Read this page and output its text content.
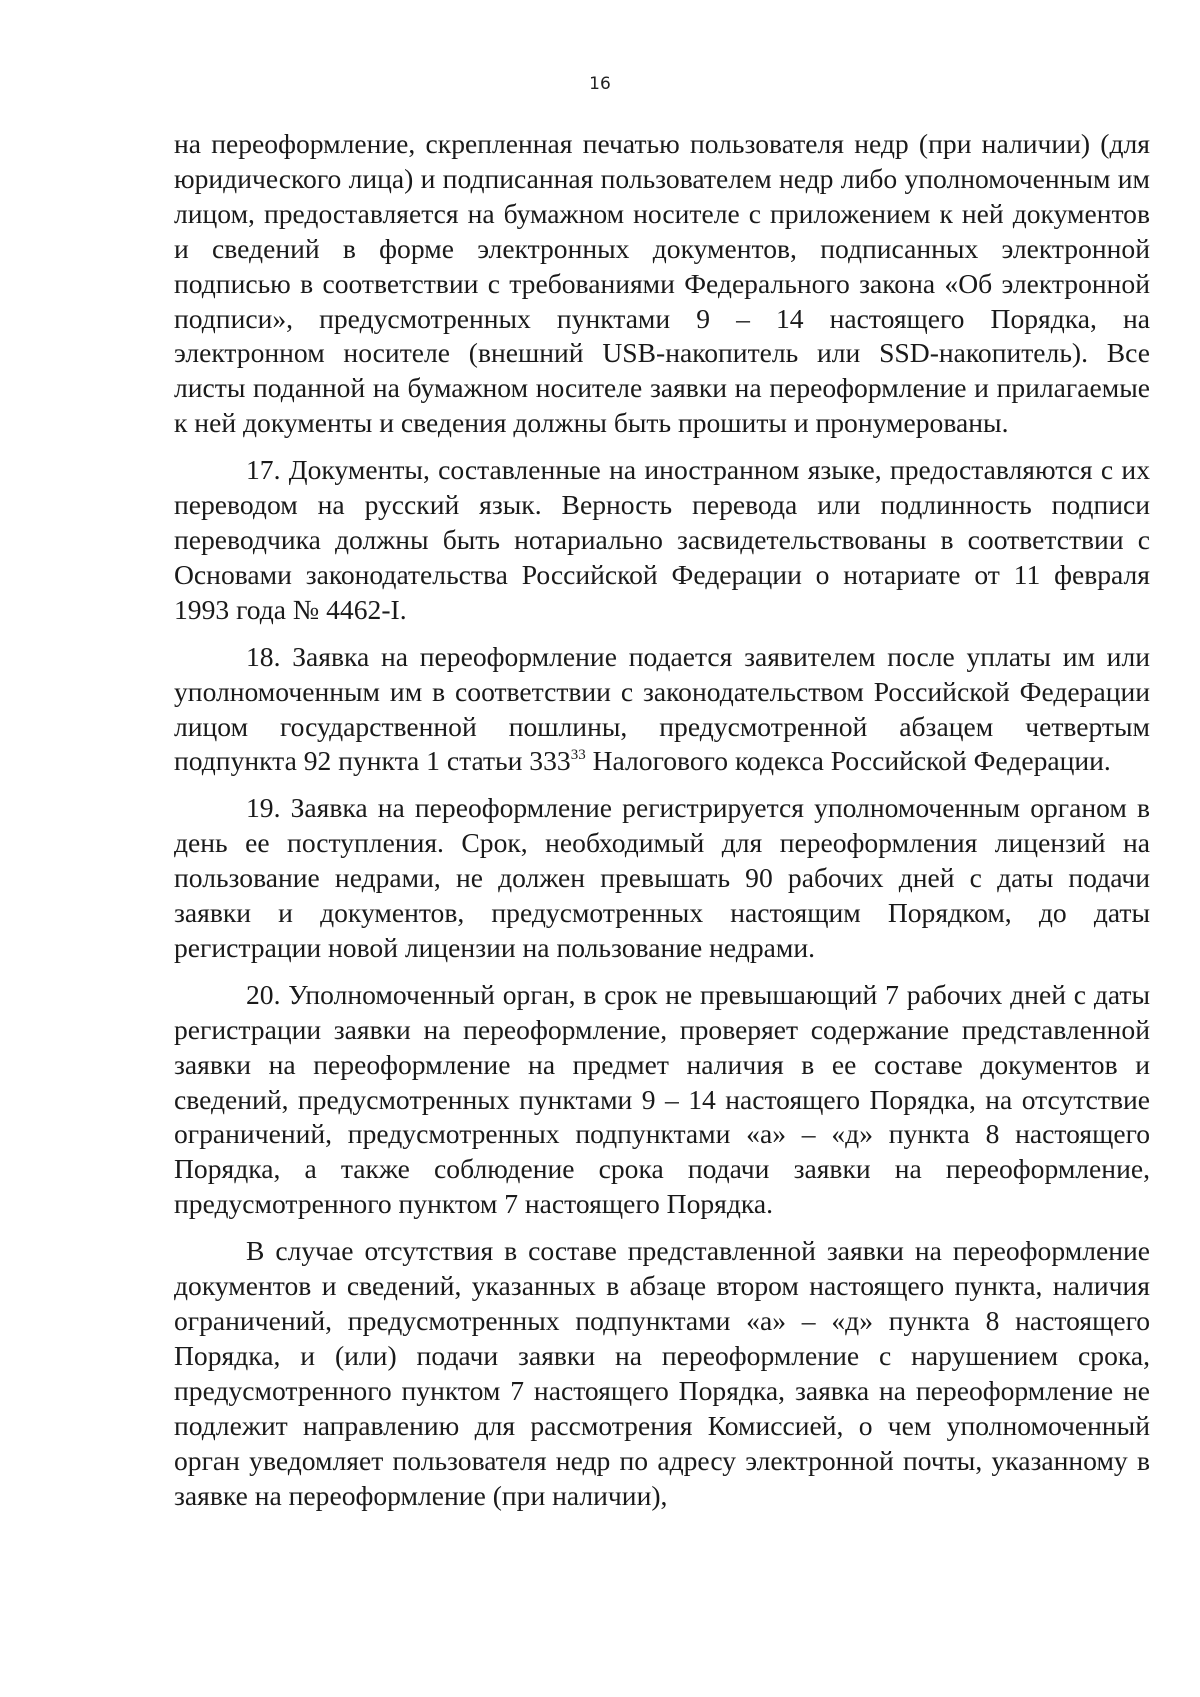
16

на переоформление, скрепленная печатью пользователя недр (при наличии) (для юридического лица) и подписанная пользователем недр либо уполномоченным им лицом, предоставляется на бумажном носителе с приложением к ней документов и сведений в форме электронных документов, подписанных электронной подписью в соответствии с требованиями Федерального закона «Об электронной подписи», предусмотренных пунктами 9 – 14 настоящего Порядка, на электронном носителе (внешний USB-накопитель или SSD-накопитель). Все листы поданной на бумажном носителе заявки на переоформление и прилагаемые к ней документы и сведения должны быть прошиты и пронумерованы.

17. Документы, составленные на иностранном языке, предоставляются с их переводом на русский язык. Верность перевода или подлинность подписи переводчика должны быть нотариально засвидетельствованы в соответствии с Основами законодательства Российской Федерации о нотариате от 11 февраля 1993 года № 4462-I.

18. Заявка на переоформление подается заявителем после уплаты им или уполномоченным им в соответствии с законодательством Российской Федерации лицом государственной пошлины, предусмотренной абзацем четвертым подпункта 92 пункта 1 статьи $333^{33}$ Налогового кодекса Российской Федерации.

19. Заявка на переоформление регистрируется уполномоченным органом в день ее поступления. Срок, необходимый для переоформления лицензий на пользование недрами, не должен превышать 90 рабочих дней с даты подачи заявки и документов, предусмотренных настоящим Порядком, до даты регистрации новой лицензии на пользование недрами.

20. Уполномоченный орган, в срок не превышающий 7 рабочих дней с даты регистрации заявки на переоформление, проверяет содержание представленной заявки на переоформление на предмет наличия в ее составе документов и сведений, предусмотренных пунктами 9 – 14 настоящего Порядка, на отсутствие ограничений, предусмотренных подпунктами «а» – «д» пункта 8 настоящего Порядка, а также соблюдение срока подачи заявки на переоформление, предусмотренного пунктом 7 настоящего Порядка.

В случае отсутствия в составе представленной заявки на переоформление документов и сведений, указанных в абзаце втором настоящего пункта, наличия ограничений, предусмотренных подпунктами «а» – «д» пункта 8 настоящего Порядка, и (или) подачи заявки на переоформление с нарушением срока, предусмотренного пунктом 7 настоящего Порядка, заявка на переоформление не подлежит направлению для рассмотрения Комиссией, о чем уполномоченный орган уведомляет пользователя недр по адресу электронной почты, указанному в заявке на переоформление (при наличии),
